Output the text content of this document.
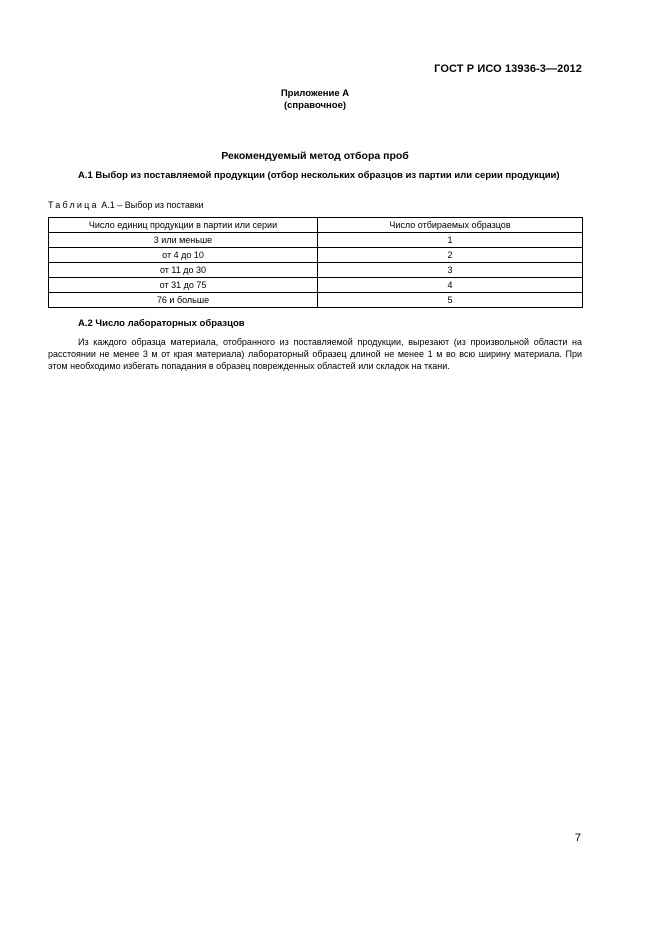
ГОСТ Р ИСО 13936-3—2012
Приложение А
(справочное)
Рекомендуемый метод отбора проб
А.1 Выбор из поставляемой продукции (отбор нескольких образцов из партии или серии продукции)
Таблица А.1 – Выбор из поставки
Число единиц продукции в партии или серии	Число отбираемых образцов
3 или меньше	1
от 4 до 10	2
от 11 до 30	3
от 31 до 75	4
76 и больше	5
А.2 Число лабораторных образцов
Из каждого образца материала, отобранного из поставляемой продукции, вырезают (из произвольной области на расстоянии не менее 3 м от края материала) лабораторный образец длиной не менее 1 м во всю ширину материала. При этом необходимо избегать попадания в образец поврежденных областей или складок на ткани.
7
